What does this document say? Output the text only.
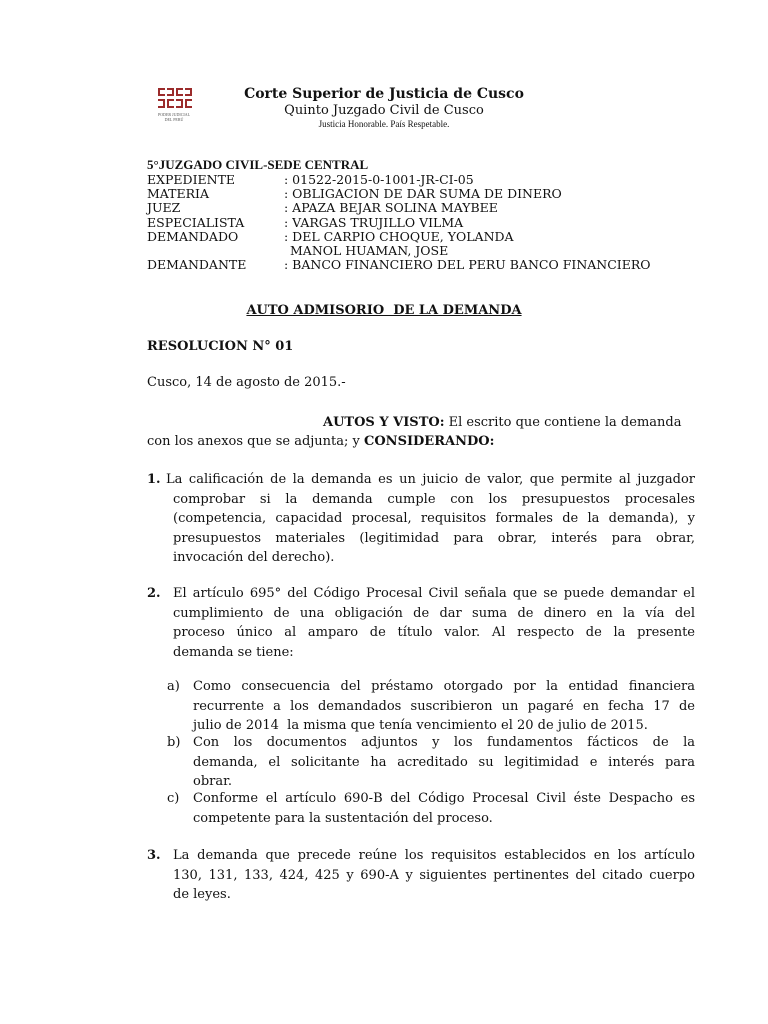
PODER JUDICIAL
DEL PERÚ
Corte Superior de Justicia de Cusco
Quinto Juzgado Civil de Cusco
Justicia Honorable. País Respetable.
5°JUZGADO CIVIL-SEDE CENTRAL
EXPEDIENTE	: 01522-2015-0-1001-JR-CI-05
MATERIA	: OBLIGACION DE DAR SUMA DE DINERO
JUEZ	: APAZA BEJAR SOLINA MAYBEE
ESPECIALISTA	: VARGAS TRUJILLO VILMA
DEMANDADO	: DEL CARPIO CHOQUE, YOLANDA
MANOL HUAMAN, JOSE
DEMANDANTE	: BANCO FINANCIERO DEL PERU BANCO FINANCIERO
AUTO ADMISORIO  DE LA DEMANDA
RESOLUCION N° 01
Cusco, 14 de agosto de 2015.-
AUTOS Y VISTO: El escrito que contiene la demanda
con los anexos que se adjunta; y CONSIDERANDO:
1. La calificación de la demanda es un juicio de valor, que permite al juzgador
comprobar si la demanda cumple con los presupuestos procesales
(competencia, capacidad procesal, requisitos formales de la demanda), y
presupuestos materiales (legitimidad para obrar, interés para obrar,
invocación del derecho).
2. El artículo 695° del Código Procesal Civil señala que se puede demandar el
cumplimiento de una obligación de dar suma de dinero en la vía del
proceso único al amparo de título valor. Al respecto de la presente
demanda se tiene:
a) Como consecuencia del préstamo otorgado por la entidad financiera
recurrente a los demandados suscribieron un pagaré en fecha 17 de
julio de 2014  la misma que tenía vencimiento el 20 de julio de 2015.
b) Con los documentos adjuntos y los fundamentos fácticos de la
demanda, el solicitante ha acreditado su legitimidad e interés para
obrar.
c) Conforme el artículo 690-B del Código Procesal Civil éste Despacho es
competente para la sustentación del proceso.
3. La demanda que precede reúne los requisitos establecidos en los artículo
130, 131, 133, 424, 425 y 690-A y siguientes pertinentes del citado cuerpo
de leyes.
